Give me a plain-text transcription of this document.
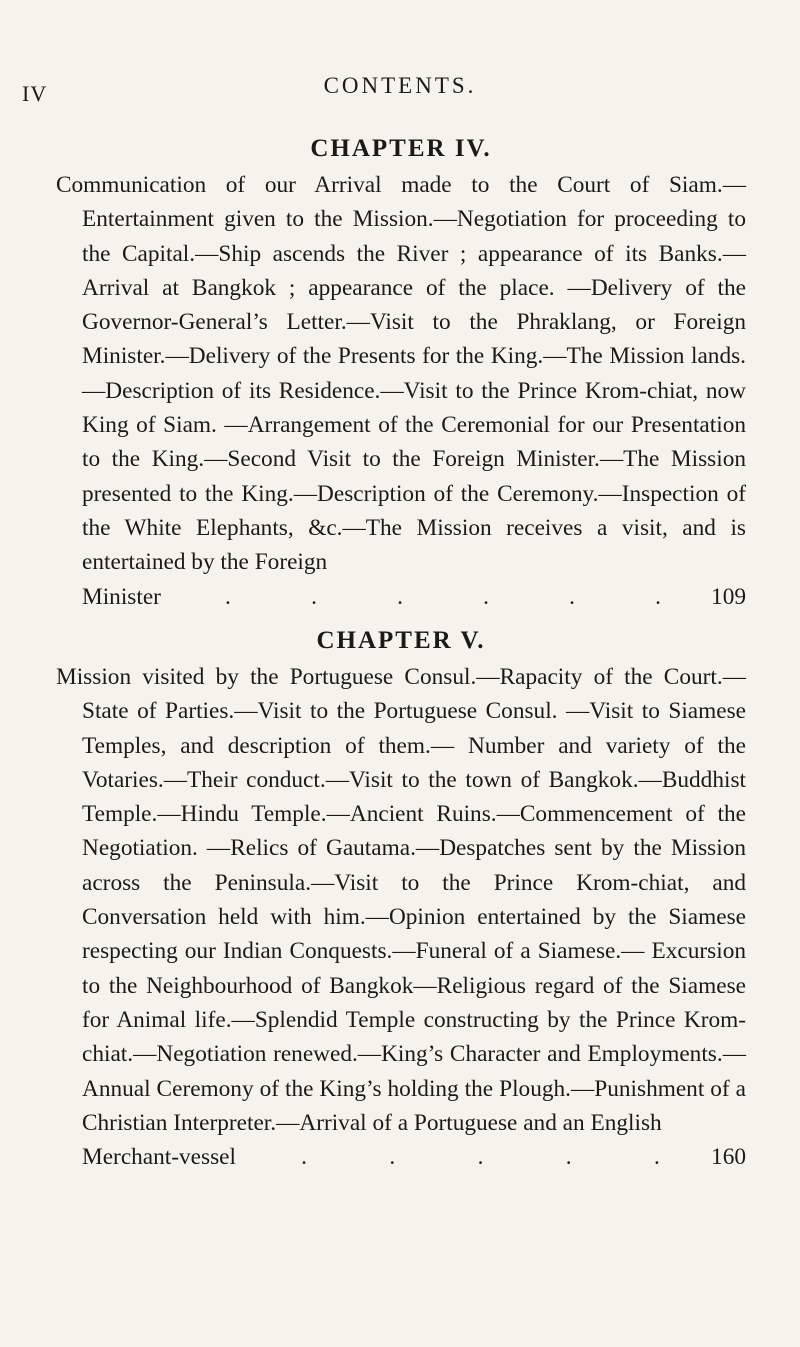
IV	CONTENTS.
CHAPTER IV.

Communication of our Arrival made to the Court of Siam.— Entertainment given to the Mission.—Negotiation for proceeding to the Capital.—Ship ascends the River ; appearance of its Banks.—Arrival at Bangkok ; appearance of the place. —Delivery of the Governor-General’s Letter.—Visit to the Phraklang, or Foreign Minister.—Delivery of the Presents for the King.—The Mission lands.—Description of its Residence.—Visit to the Prince Krom-chiat, now King of Siam. —Arrangement of the Ceremonial for our Presentation to the King.—Second Visit to the Foreign Minister.—The Mission presented to the King.—Description of the Ceremony.—Inspection of the White Elephants, &c.—The Mission receives a visit, and is entertained by the Foreign

Minister	.	.	.	.	.	. 109
CHAPTER V.

Mission visited by the Portuguese Consul.—Rapacity of the Court.—State of Parties.—Visit to the Portuguese Consul. —Visit to Siamese Temples, and description of them.— Number and variety of the Votaries.—Their conduct.—Visit to the town of Bangkok.—Buddhist Temple.—Hindu Temple.—Ancient Ruins.—Commencement of the Negotiation. —Relics of Gautama.—Despatches sent by the Mission across the Peninsula.—Visit to the Prince Krom-chiat, and Conversation held with him.—Opinion entertained by the Siamese respecting our Indian Conquests.—Funeral of a Siamese.— Excursion to the Neighbourhood of Bangkok—Religious regard of the Siamese for Animal life.—Splendid Temple constructing by the Prince Krom-chiat.—Negotiation renewed.—King’s Character and Employments.—Annual Ceremony of the King’s holding the Plough.—Punishment of a Christian Interpreter.—Arrival of a Portuguese and an English

Merchant-vessel	.	.	.	.	. 160
